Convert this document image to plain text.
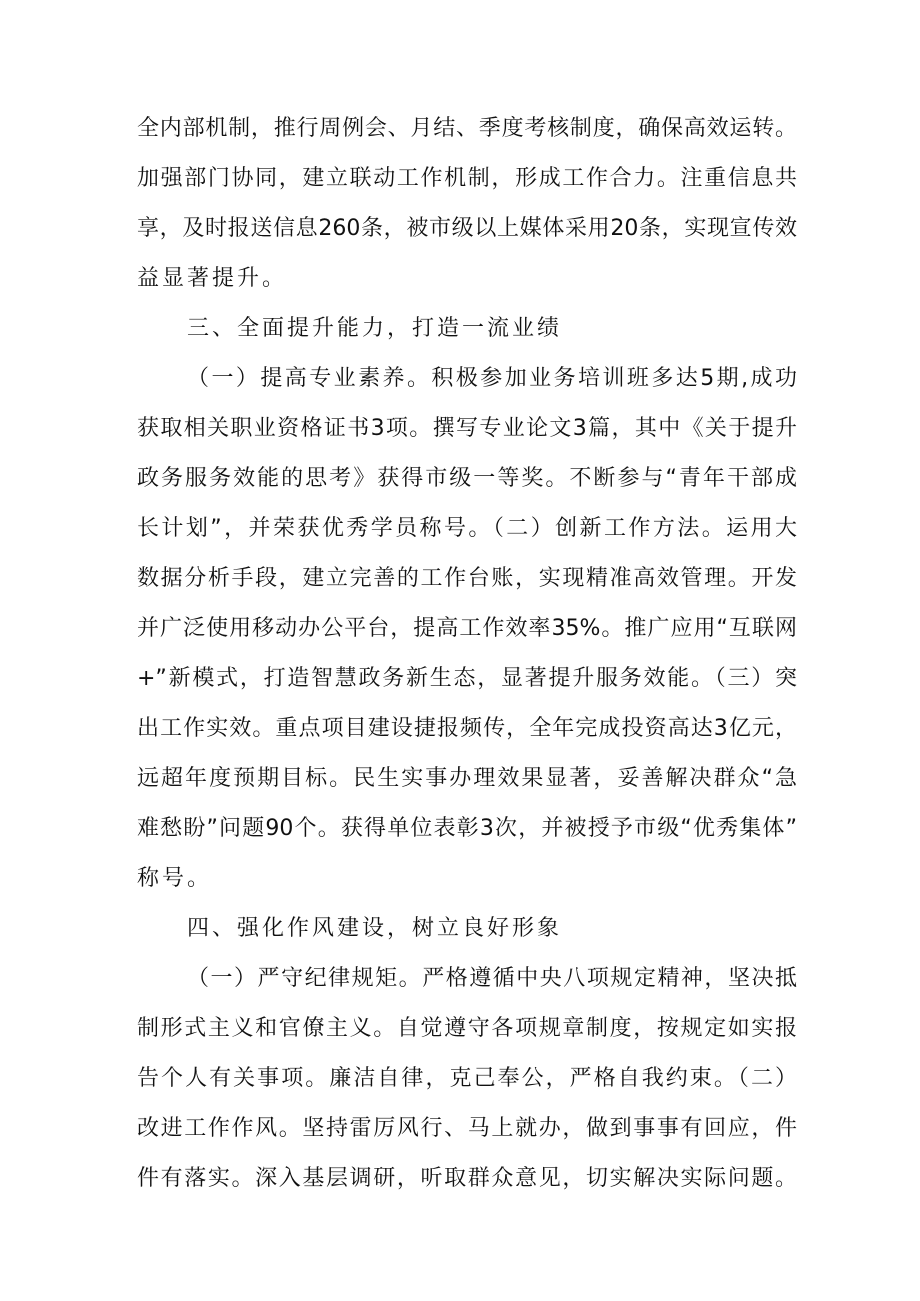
全内部机制，推行周例会、月结、季度考核制度，确保高效运转。
加强部门协同，建立联动工作机制，形成工作合力。注重信息共
享，及时报送信息260条，被市级以上媒体采用20条，实现宣传效
益显著提升。
三、全面提升能力，打造一流业绩
（一）提高专业素养。积极参加业务培训班多达5期,成功
获取相关职业资格证书3项。撰写专业论文3篇，其中《关于提升
政务服务效能的思考》获得市级一等奖。不断参与“青年干部成
长计划”，并荣获优秀学员称号。（二）创新工作方法。运用大
数据分析手段，建立完善的工作台账，实现精准高效管理。开发
并广泛使用移动办公平台，提高工作效率35%。推广应用“互联网
+”新模式，打造智慧政务新生态，显著提升服务效能。（三）突
出工作实效。重点项目建设捷报频传，全年完成投资高达3亿元，
远超年度预期目标。民生实事办理效果显著，妥善解决群众“急
难愁盼”问题90个。获得单位表彰3次，并被授予市级“优秀集体”
称号。
四、强化作风建设，树立良好形象
（一）严守纪律规矩。严格遵循中央八项规定精神，坚决抵
制形式主义和官僚主义。自觉遵守各项规章制度，按规定如实报
告个人有关事项。廉洁自律，克己奉公，严格自我约束。（二）
改进工作作风。坚持雷厉风行、马上就办，做到事事有回应，件
件有落实。深入基层调研，听取群众意见，切实解决实际问题。
